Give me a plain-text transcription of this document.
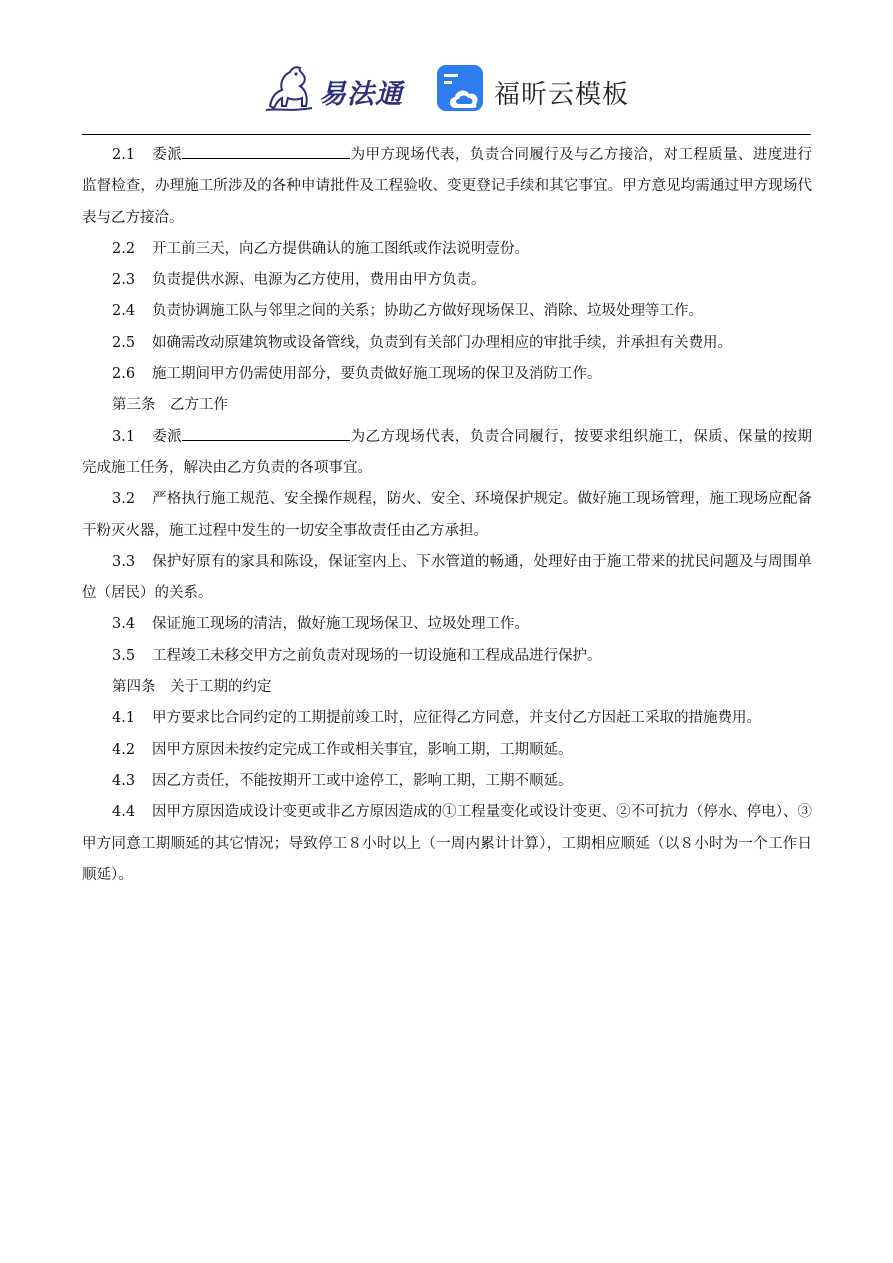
易法通	福昕云模板

2.1 委派	为甲方现场代表，负责合同履行及与乙方接洽，对工程质量、进度进行监督检查，办理施工所涉及的各种申请批件及工程验收、变更登记手续和其它事宜。甲方意见均需通过甲方现场代表与乙方接洽。

2.2 开工前三天，向乙方提供确认的施工图纸或作法说明壹份。

2.3 负责提供水源、电源为乙方使用，费用由甲方负责。

2.4 负责协调施工队与邻里之间的关系；协助乙方做好现场保卫、消除、垃圾处理等工作。

2.5 如确需改动原建筑物或设备管线，负责到有关部门办理相应的审批手续，并承担有关费用。

2.6 施工期间甲方仍需使用部分，要负责做好施工现场的保卫及消防工作。

第三条　乙方工作

3.1 委派	为乙方现场代表，负责合同履行，按要求组织施工，保质、保量的按期完成施工任务，解决由乙方负责的各项事宜。

3.2 严格执行施工规范、安全操作规程，防火、安全、环境保护规定。做好施工现场管理，施工现场应配备干粉灭火器，施工过程中发生的一切安全事故责任由乙方承担。

3.3 保护好原有的家具和陈设，保证室内上、下水管道的畅通，处理好由于施工带来的扰民问题及与周围单位（居民）的关系。

3.4 保证施工现场的清洁，做好施工现场保卫、垃圾处理工作。

3.5 工程竣工未移交甲方之前负责对现场的一切设施和工程成品进行保护。

第四条　关于工期的约定

4.1 甲方要求比合同约定的工期提前竣工时，应征得乙方同意，并支付乙方因赶工采取的措施费用。

4.2 因甲方原因未按约定完成工作或相关事宜，影响工期，工期顺延。

4.3 因乙方责任，不能按期开工或中途停工，影响工期，工期不顺延。

4.4 因甲方原因造成设计变更或非乙方原因造成的①工程量变化或设计变更、②不可抗力（停水、停电）、③甲方同意工期顺延的其它情况；导致停工８小时以上（一周内累计计算），工期相应顺延（以８小时为一个工作日顺延）。
